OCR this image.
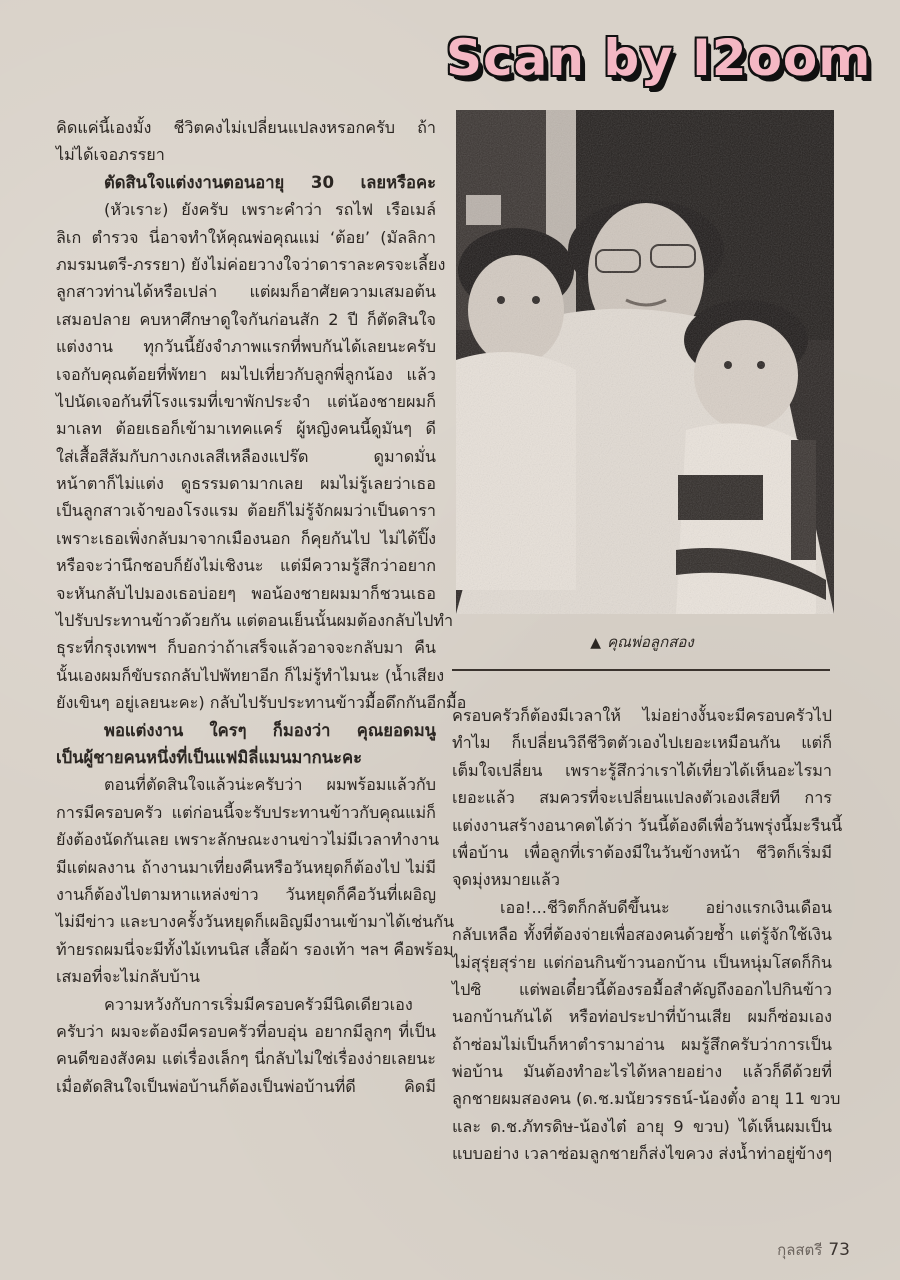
Scan by I2oom
คิดแค่นี้เองมั้ง ชีวิตคงไม่เปลี่ยนแปลงหรอกครับ ถ้า
ไม่ได้เจอภรรยา
ตัดสินใจแต่งงานตอนอายุ 30 เลยหรือคะ
(หัวเราะ) ยังครับ เพราะคำว่า รถไฟ เรือเมล์
ลิเก ตำรวจ นี่อาจทำให้คุณพ่อคุณแม่ ‘ต้อย’ (มัลลิกา
ภมรมนตรี-ภรรยา) ยังไม่ค่อยวางใจว่าดาราละครจะเลี้ยง
ลูกสาวท่านได้หรือเปล่า แต่ผมก็อาศัยความเสมอต้น
เสมอปลาย คบหาศึกษาดูใจกันก่อนสัก 2 ปี ก็ตัดสินใจ
แต่งงาน ทุกวันนี้ยังจำภาพแรกที่พบกันได้เลยนะครับ
เจอกับคุณต้อยที่พัทยา ผมไปเที่ยวกับลูกพี่ลูกน้อง แล้ว
ไปนัดเจอกันที่โรงแรมที่เขาพักประจำ แต่น้องชายผมก็
มาเลท ต้อยเธอก็เข้ามาเทคแคร์ ผู้หญิงคนนี้ดูมันๆ ดี
ใส่เสื้อสีส้มกับกางเกงเลสีเหลืองแปร๊ด ดูมาดมั่น
หน้าตาก็ไม่แต่ง ดูธรรมดามากเลย ผมไม่รู้เลยว่าเธอ
เป็นลูกสาวเจ้าของโรงแรม ต้อยก็ไม่รู้จักผมว่าเป็นดารา
เพราะเธอเพิ่งกลับมาจากเมืองนอก ก็คุยกันไป ไม่ได้ปิ๊ง
หรือจะว่านึกชอบก็ยังไม่เชิงนะ แต่มีความรู้สึกว่าอยาก
จะหันกลับไปมองเธอบ่อยๆ พอน้องชายผมมาก็ชวนเธอ
ไปรับประทานข้าวด้วยกัน แต่ตอนเย็นนั้นผมต้องกลับไปทำ
ธุระที่กรุงเทพฯ ก็บอกว่าถ้าเสร็จแล้วอาจจะกลับมา คืน
นั้นเองผมก็ขับรถกลับไปพัทยาอีก ก็ไม่รู้ทำไมนะ (น้ำเสียง
ยังเขินๆ อยู่เลยนะคะ) กลับไปรับประทานข้าวมื้อดึกกันอีกมื้อ
พอแต่งงาน ใครๆ ก็มองว่า คุณยอดมนู
เป็นผู้ชายคนหนึ่งที่เป็นแฟมิลี่แมนมากนะคะ
ตอนที่ตัดสินใจแล้วน่ะครับว่า ผมพร้อมแล้วกับ
การมีครอบครัว แต่ก่อนนี้จะรับประทานข้าวกับคุณแม่ก็
ยังต้องนัดกันเลย เพราะลักษณะงานข่าวไม่มีเวลาทำงาน
มีแต่ผลงาน ถ้างานมาเที่ยงคืนหรือวันหยุดก็ต้องไป ไม่มี
งานก็ต้องไปตามหาแหล่งข่าว วันหยุดก็คือวันที่เผอิญ
ไม่มีข่าว และบางครั้งวันหยุดก็เผอิญมีงานเข้ามาได้เช่นกัน
ท้ายรถผมนี่จะมีทั้งไม้เทนนิส เสื้อผ้า รองเท้า ฯลฯ คือพร้อม
เสมอที่จะไม่กลับบ้าน
ความหวังกับการเริ่มมีครอบครัวมีนิดเดียวเอง
ครับว่า ผมจะต้องมีครอบครัวที่อบอุ่น อยากมีลูกๆ ที่เป็น
คนดีของสังคม แต่เรื่องเล็กๆ นี่กลับไม่ใช่เรื่องง่ายเลยนะ
เมื่อตัดสินใจเป็นพ่อบ้านก็ต้องเป็นพ่อบ้านที่ดี คิดมี
▲ คุณพ่อลูกสอง
ครอบครัวก็ต้องมีเวลาให้ ไม่อย่างงั้นจะมีครอบครัวไป
ทำไม ก็เปลี่ยนวิถีชีวิตตัวเองไปเยอะเหมือนกัน แต่ก็
เต็มใจเปลี่ยน เพราะรู้สึกว่าเราได้เที่ยวได้เห็นอะไรมา
เยอะแล้ว สมควรที่จะเปลี่ยนแปลงตัวเองเสียที การ
แต่งงานสร้างอนาคตได้ว่า วันนี้ต้องดีเพื่อวันพรุ่งนี้มะรืนนี้
เพื่อบ้าน เพื่อลูกที่เราต้องมีในวันข้างหน้า ชีวิตก็เริ่มมี
จุดมุ่งหมายแล้ว
เออ!...ชีวิตก็กลับดีขึ้นนะ อย่างแรกเงินเดือน
กลับเหลือ ทั้งที่ต้องจ่ายเพื่อสองคนด้วยซ้ำ แต่รู้จักใช้เงิน
ไม่สุรุ่ยสุร่าย แต่ก่อนกินข้าวนอกบ้าน เป็นหนุ่มโสดก็กิน
ไปซิ แต่พอเดี๋ยวนี้ต้องรอมื้อสำคัญถึงออกไปกินข้าว
นอกบ้านกันได้ หรือท่อประปาที่บ้านเสีย ผมก็ซ่อมเอง
ถ้าซ่อมไม่เป็นก็หาตำรามาอ่าน ผมรู้สึกครับว่าการเป็น
พ่อบ้าน มันต้องทำอะไรได้หลายอย่าง แล้วก็ดีด้วยที่
ลูกชายผมสองคน (ด.ช.มนัยวรรธน์-น้องตั๋ง อายุ 11 ขวบ
และ ด.ช.ภัทรดิษ-น้องไต๋ อายุ 9 ขวบ) ได้เห็นผมเป็น
แบบอย่าง เวลาซ่อมลูกชายก็ส่งไขควง ส่งน้ำท่าอยู่ข้างๆ
กุลสตรี 73
